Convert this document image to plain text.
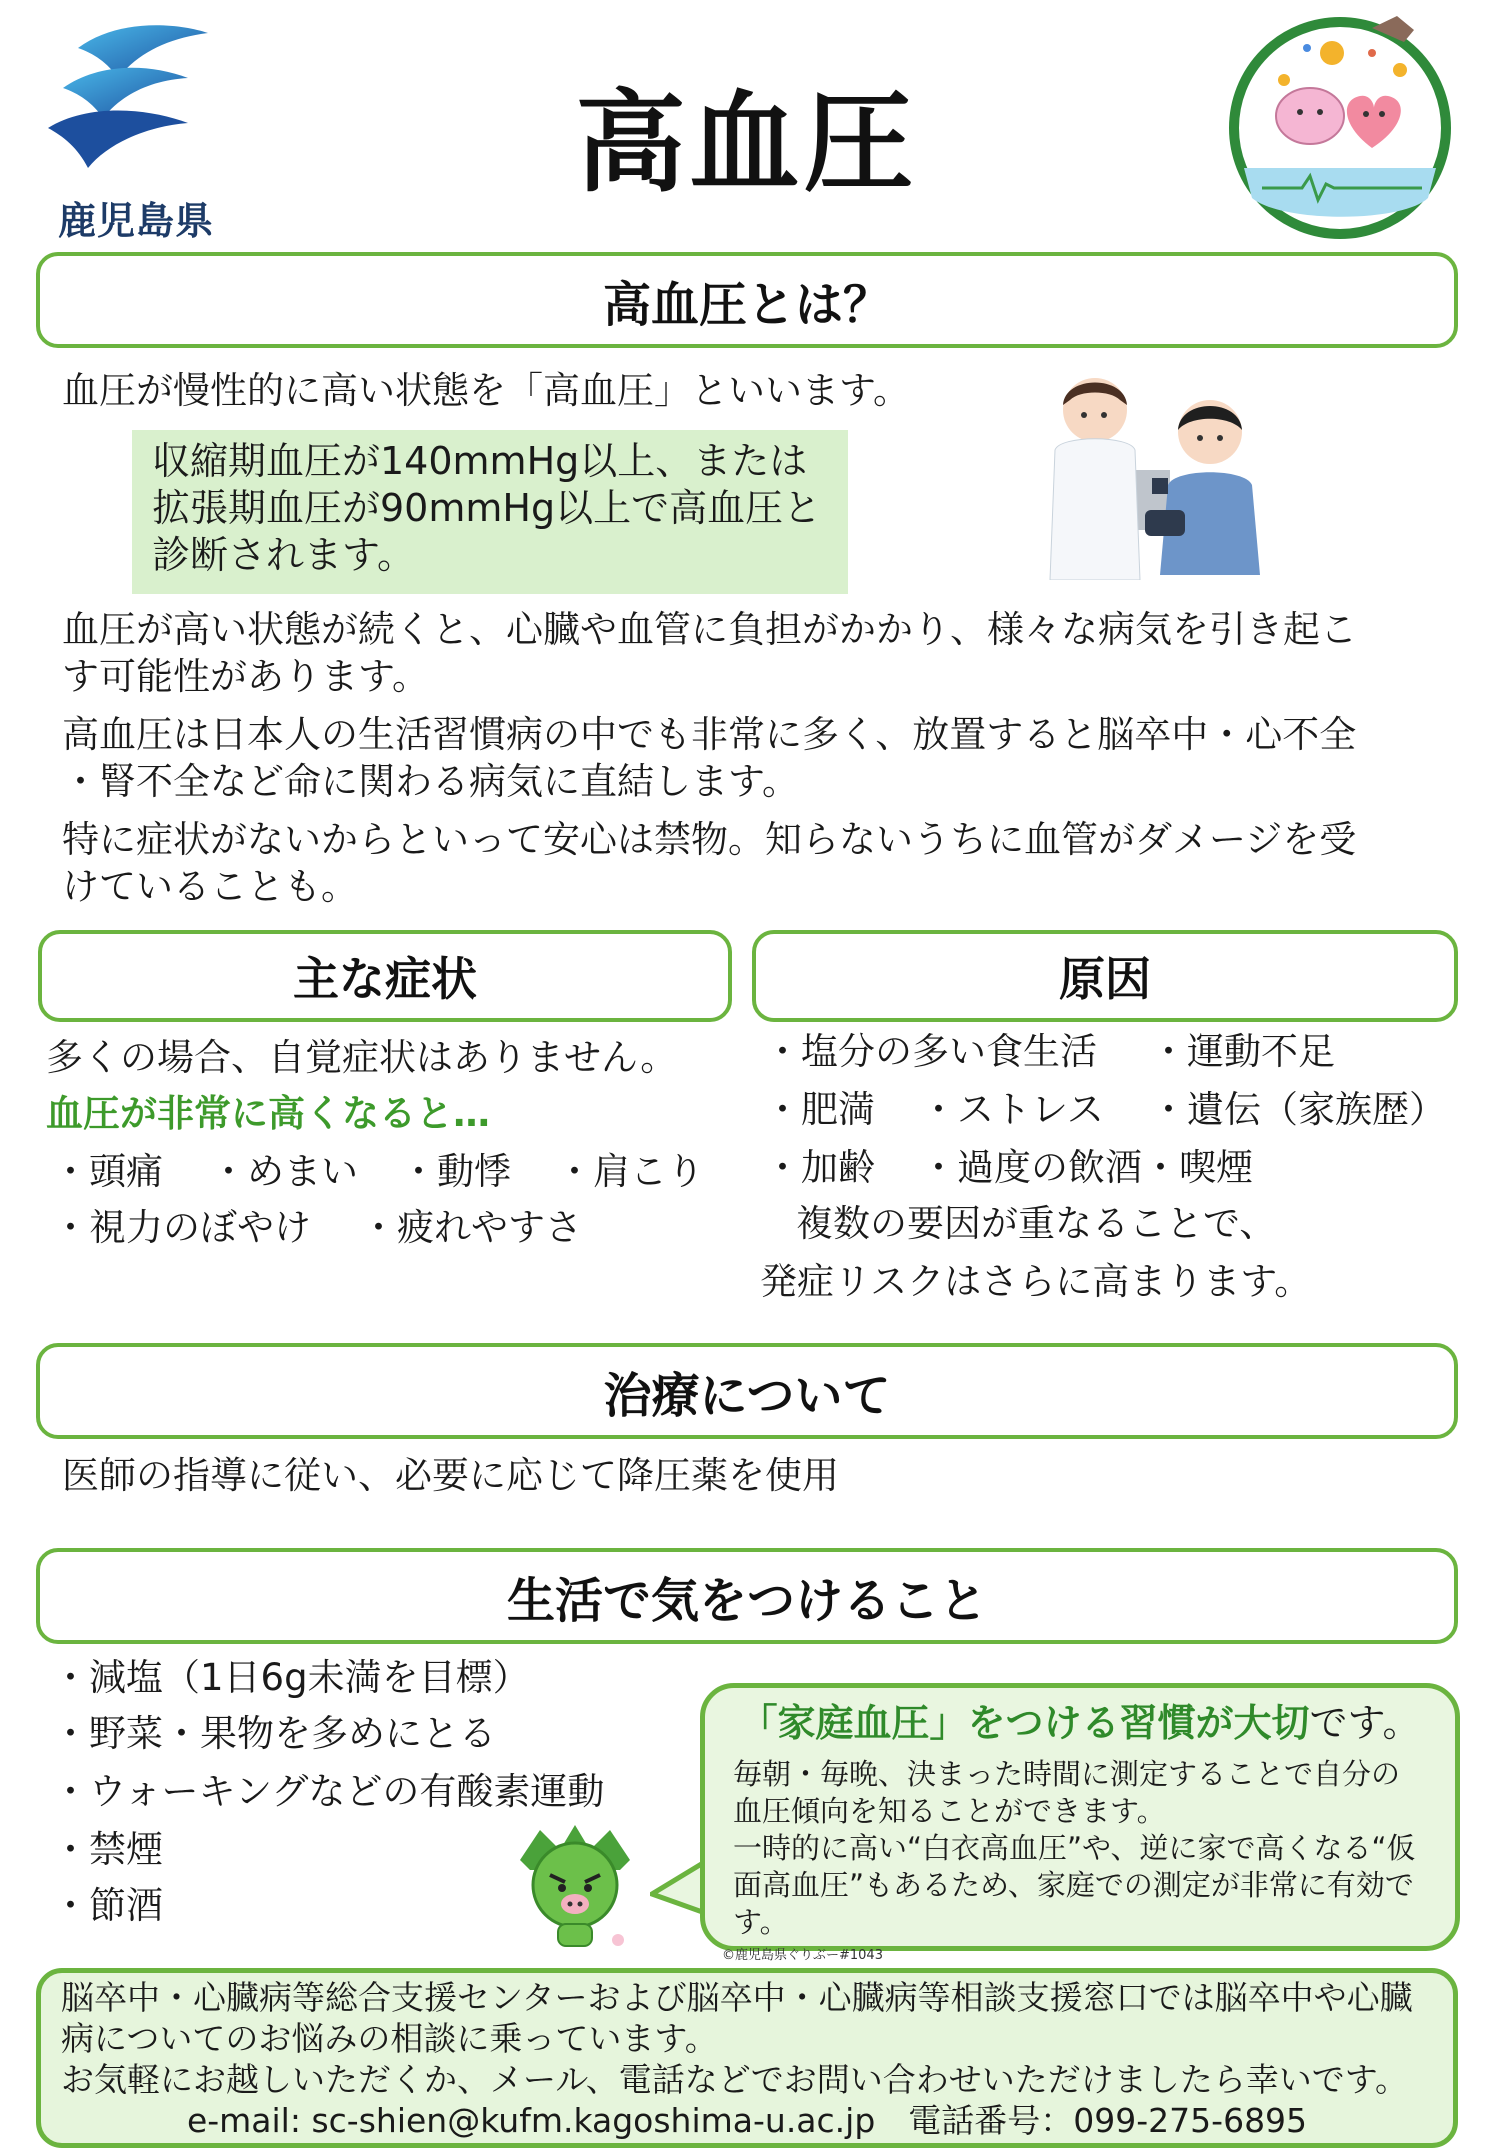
鹿児島県
高血圧
高血圧とは？
血圧が慢性的に高い状態を「高血圧」といいます。
収縮期血圧が140mmHg以上、または
拡張期血圧が90mmHg以上で高血圧と
診断されます。
血圧が高い状態が続くと、心臓や血管に負担がかかり、様々な病気を引き起こ
す可能性があります。
高血圧は日本人の生活習慣病の中でも非常に多く、放置すると脳卒中・心不全
・腎不全など命に関わる病気に直結します。
特に症状がないからといって安心は禁物。知らないうちに血管がダメージを受
けていることも。
主な症状
多くの場合、自覚症状はありません。
血圧が非常に高くなると…
・頭痛 ・めまい ・動悸 ・肩こり
・視力のぼやけ ・疲れやすさ
原因
・塩分の多い食生活 ・運動不足
・肥満 ・ストレス ・遺伝（家族歴）
・加齢 ・過度の飲酒・喫煙
複数の要因が重なることで、
発症リスクはさらに高まります。
治療について
医師の指導に従い、必要に応じて降圧薬を使用
生活で気をつけること
・減塩（1日6g未満を目標）
・野菜・果物を多めにとる
・ウォーキングなどの有酸素運動
・禁煙
・節酒
「家庭血圧」をつける習慣が大切です。
毎朝・毎晩、決まった時間に測定することで自分の
血圧傾向を知ることができます。
一時的に高い“白衣高血圧”や、逆に家で高くなる“仮
面高血圧”もあるため、家庭での測定が非常に有効で
す。
©鹿児島県ぐりぶー#1043
脳卒中・心臓病等総合支援センターおよび脳卒中・心臓病等相談支援窓口では脳卒中や心臓
病についてのお悩みの相談に乗っています。
お気軽にお越しいただくか、メール、電話などでお問い合わせいただけましたら幸いです。
e-mail: sc-shien@kufm.kagoshima-u.ac.jp　電話番号：099-275-6895
